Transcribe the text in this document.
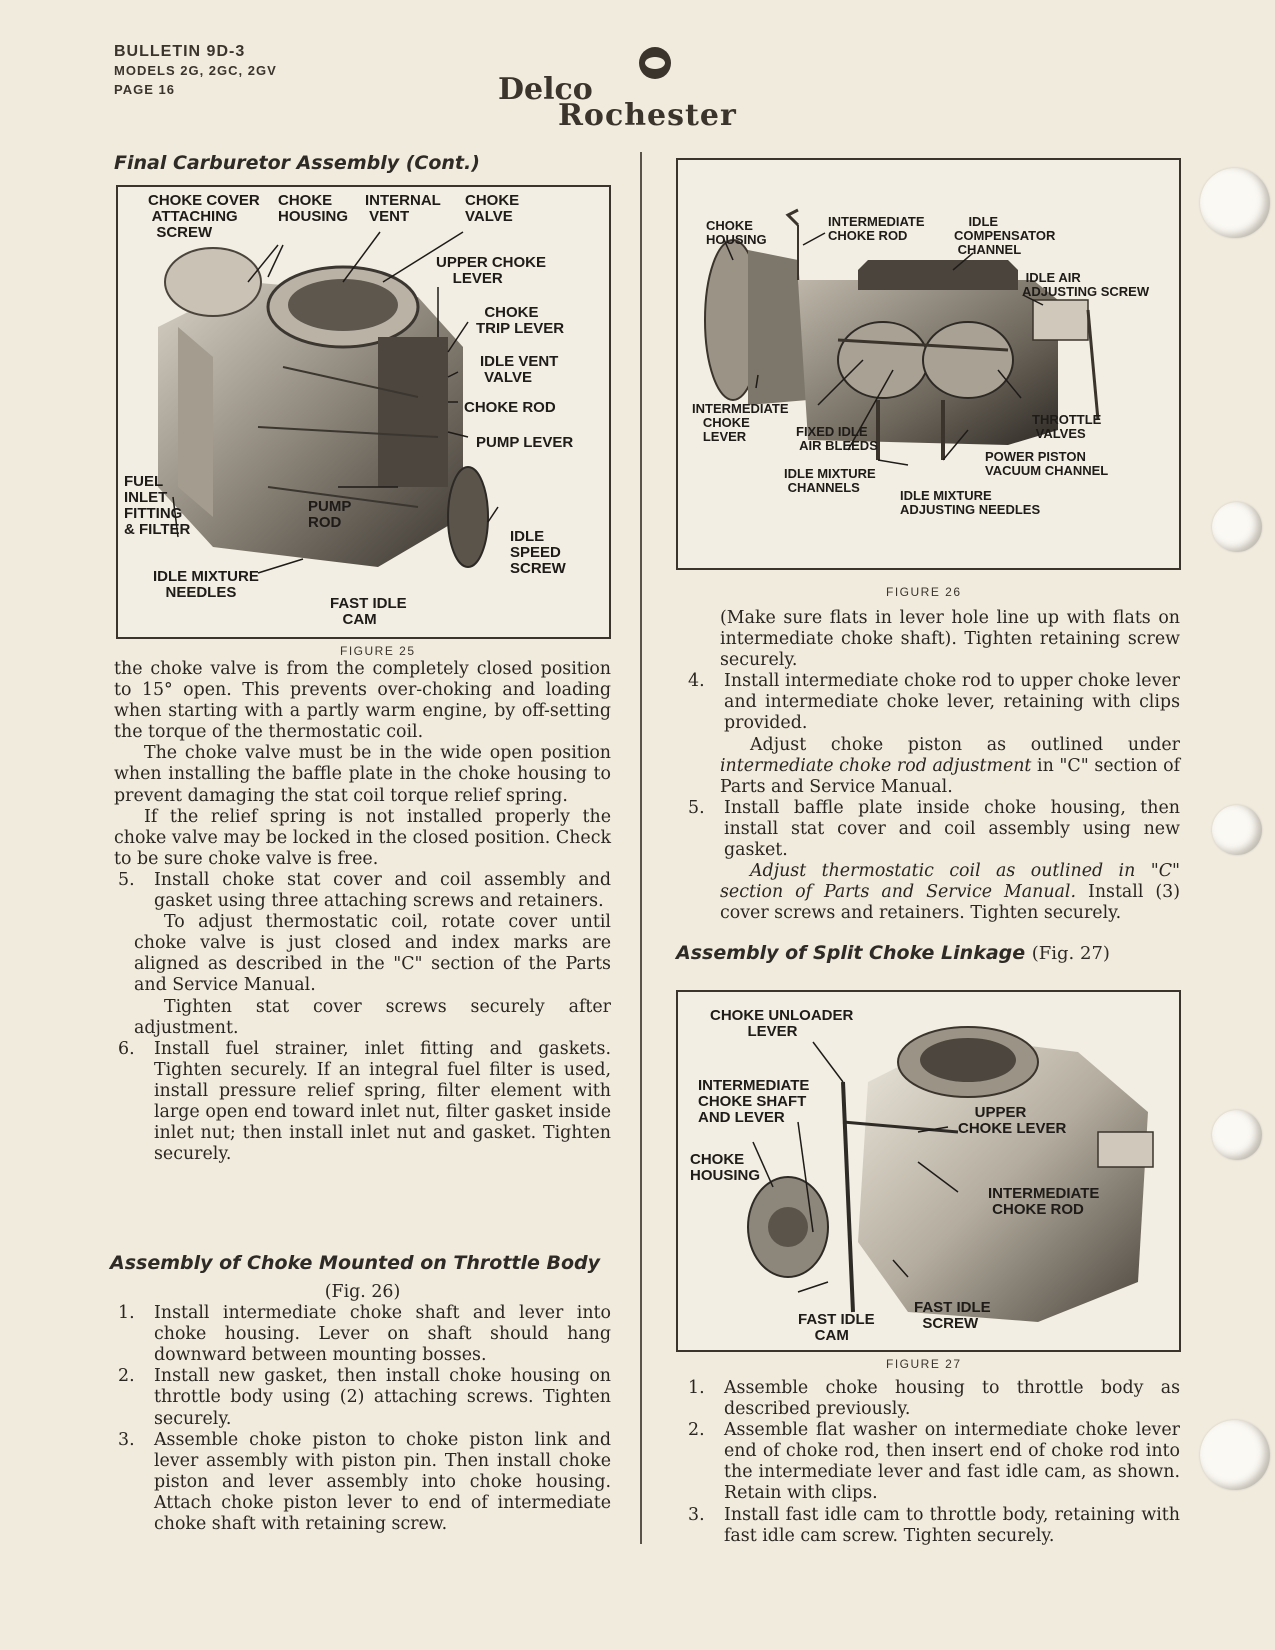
BULLETIN 9D-3
MODELS 2G, 2GC, 2GV
PAGE 16	Delco
Rochester
Final Carburetor Assembly (Cont.)
CHOKE COVER
ATTACHING
SCREW
CHOKE
HOUSING
INTERNAL
VENT
CHOKE
VALVE
UPPER CHOKE
LEVER
CHOKE
TRIP LEVER
IDLE VENT
VALVE
CHOKE ROD
PUMP LEVER
FUEL
INLET
FITTING
& FILTER
PUMP
ROD
IDLE
SPEED
SCREW
IDLE MIXTURE
NEEDLES
FAST IDLE
CAM
FIGURE 25

the choke valve is from the completely closed position to 15° open. This prevents over-choking and loading when starting with a partly warm engine, by off-setting the torque of the thermostatic coil.

The choke valve must be in the wide open position when installing the baffle plate in the choke housing to prevent damaging the stat coil torque relief spring.

If the relief spring is not installed properly the choke valve may be locked in the closed position. Check to be sure choke valve is free.

5. Install choke stat cover and coil assembly and gasket using three attaching screws and retainers.

To adjust thermostatic coil, rotate cover until choke valve is just closed and index marks are aligned as described in the "C" section of the Parts and Service Manual.

Tighten stat cover screws securely after adjustment.

6. Install fuel strainer, inlet fitting and gaskets. Tighten securely. If an integral fuel filter is used, install pressure relief spring, filter element with large open end toward inlet nut, filter gasket inside inlet nut; then install inlet nut and gasket. Tighten securely.

Assembly of Choke Mounted on Throttle Body

(Fig. 26)

1. Install intermediate choke shaft and lever into choke housing. Lever on shaft should hang downward between mounting bosses.

2. Install new gasket, then install choke housing on throttle body using (2) attaching screws. Tighten securely.

3. Assemble choke piston to choke piston link and lever assembly with piston pin. Then install choke piston and lever assembly into choke housing. Attach choke piston lever to end of intermediate choke shaft with retaining screw.

CHOKE
HOUSING
INTERMEDIATE
CHOKE ROD
IDLE
COMPENSATOR
CHANNEL
IDLE AIR
ADJUSTING SCREW
INTERMEDIATE
CHOKE
LEVER	FIXED IDLE
AIR BLEEDS
THROTTLE
VALVES
POWER PISTON
VACUUM CHANNEL
IDLE MIXTURE
CHANNELS
IDLE MIXTURE
ADJUSTING NEEDLES
FIGURE 26

(Make sure flats in lever hole line up with flats on intermediate choke shaft). Tighten retaining screw securely.

4. Install intermediate choke rod to upper choke lever and intermediate choke lever, retaining with clips provided.

Adjust choke piston as outlined under intermediate choke rod adjustment in "C" section of Parts and Service Manual.

5. Install baffle plate inside choke housing, then install stat cover and coil assembly using new gasket.

Adjust thermostatic coil as outlined in "C" section of Parts and Service Manual. Install (3) cover screws and retainers. Tighten securely.

Assembly of Split Choke Linkage (Fig. 27)
CHOKE UNLOADER
LEVER
INTERMEDIATE
CHOKE SHAFT
AND LEVER	UPPER
CHOKE LEVER
CHOKE
HOUSING
INTERMEDIATE
CHOKE ROD
FAST IDLE
CAM
FAST IDLE
SCREW
FIGURE 27

1. Assemble choke housing to throttle body as described previously.

2. Assemble flat washer on intermediate choke lever end of choke rod, then insert end of choke rod into the intermediate lever and fast idle cam, as shown. Retain with clips.

3. Install fast idle cam to throttle body, retaining with fast idle cam screw. Tighten securely.
